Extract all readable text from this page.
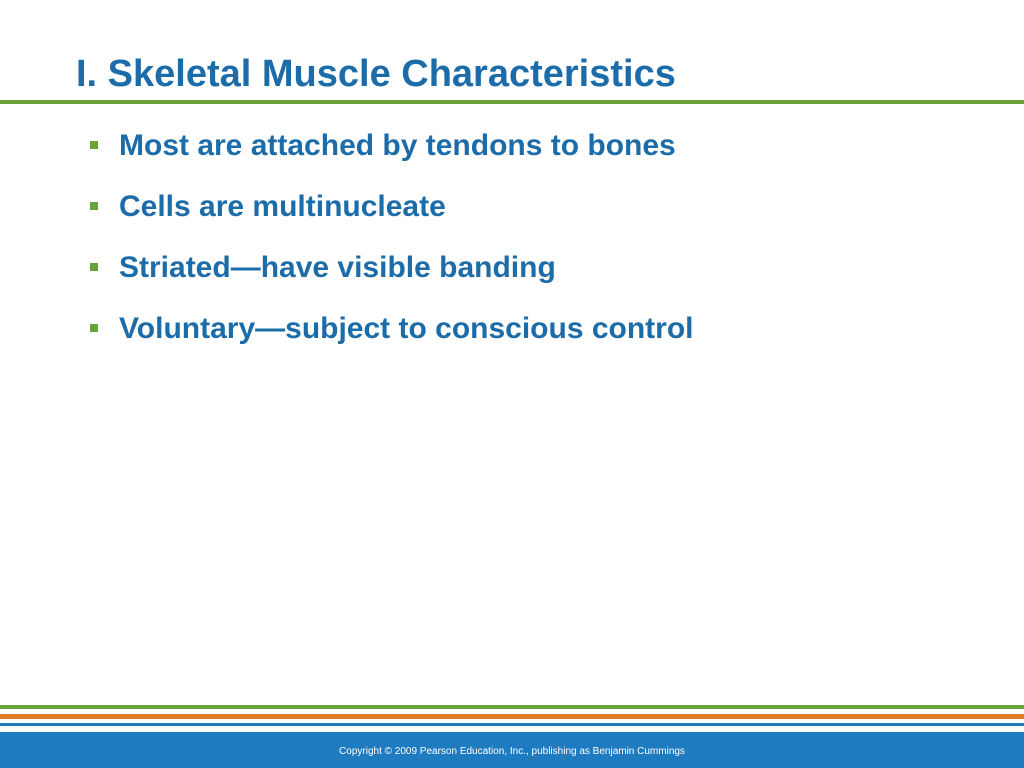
I. Skeletal Muscle Characteristics
Most are attached by tendons to bones
Cells are multinucleate
Striated—have visible banding
Voluntary—subject to conscious control
Copyright © 2009 Pearson Education, Inc., publishing as Benjamin Cummings
